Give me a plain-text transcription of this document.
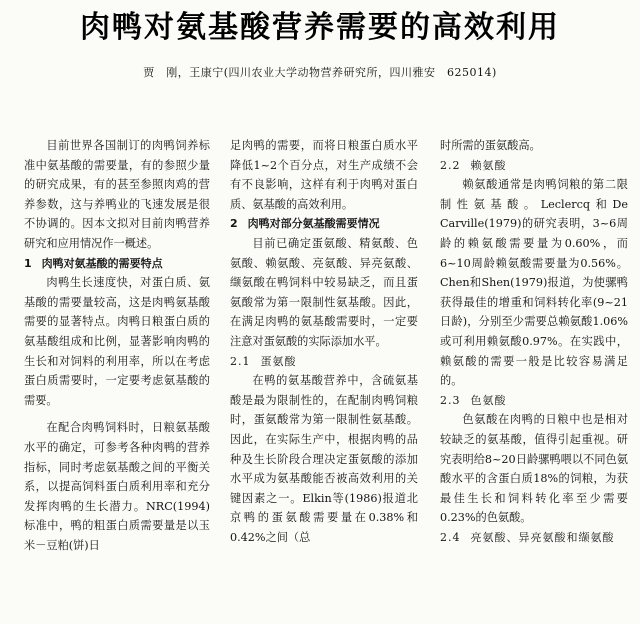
肉鸭对氨基酸营养需要的高效利用
贾　刚，王康宁(四川农业大学动物营养研究所，四川雅安　625014)

目前世界各国制订的肉鸭饲养标准中氨基酸的需要量，有的参照少量的研究成果，有的甚至参照肉鸡的营养参数，这与养鸭业的飞速发展是很不协调的。因本文拟对目前肉鸭营养研究和应用情况作一概述。

1 肉鸭对氨基酸的需要特点

肉鸭生长速度快，对蛋白质、氨基酸的需要量较高，这是肉鸭氨基酸需要的显著特点。肉鸭日粮蛋白质的氨基酸组成和比例，显著影响肉鸭的生长和对饲料的利用率，所以在考虑蛋白质需要时，一定要考虑氨基酸的需要。

在配合肉鸭饲料时，日粮氨基酸水平的确定，可参考各种肉鸭的营养指标，同时考虑氨基酸之间的平衡关系，以提高饲料蛋白质利用率和充分发挥肉鸭的生长潜力。NRC(1994)标准中，鸭的粗蛋白质需要量是以玉米－豆粕(饼)日

足肉鸭的需要，而将日粮蛋白质水平降低1~2个百分点，对生产成绩不会有不良影响，这样有利于肉鸭对蛋白质、氨基酸的高效利用。

2 肉鸭对部分氨基酸需要情况

目前已确定蛋氨酸、精氨酸、色氨酸、赖氨酸、亮氨酸、异亮氨酸、缬氨酸在鸭饲料中较易缺乏，而且蛋氨酸常为第一限制性氨基酸。因此，在满足肉鸭的氨基酸需要时，一定要注意对蛋氨酸的实际添加水平。

2.1 蛋氨酸

在鸭的氨基酸营养中，含硫氨基酸是最为限制性的，在配制肉鸭饲粮时，蛋氨酸常为第一限制性氨基酸。因此，在实际生产中，根据肉鸭的品种及生长阶段合理决定蛋氨酸的添加水平成为氨基酸能否被高效利用的关键因素之一。Elkin等(1986)报道北京鸭的蛋氨酸需要量在0.38%和0.42%之间（总

时所需的蛋氨酸高。

2.2 赖氨酸

赖氨酸通常是肉鸭饲粮的第二限制性氨基酸。Leclercq和De Carville(1979)的研究表明，3~6周龄的赖氨酸需要量为0.60%，而6~10周龄赖氨酸需要量为0.56%。Chen和Shen(1979)报道，为使骡鸭获得最佳的增重和饲料转化率(9~21日龄)，分别至少需要总赖氨酸1.06%或可利用赖氨酸0.97%。在实践中，赖氨酸的需要一般是比较容易满足的。

2.3 色氨酸

色氨酸在肉鸭的日粮中也是相对较缺乏的氨基酸，值得引起重视。研究表明给8~20日龄骡鸭喂以不同色氨酸水平的含蛋白质18%的饲粮，为获最佳生长和饲料转化率至少需要0.23%的色氨酸。

2.4 亮氨酸、异亮氨酸和缬氨酸
